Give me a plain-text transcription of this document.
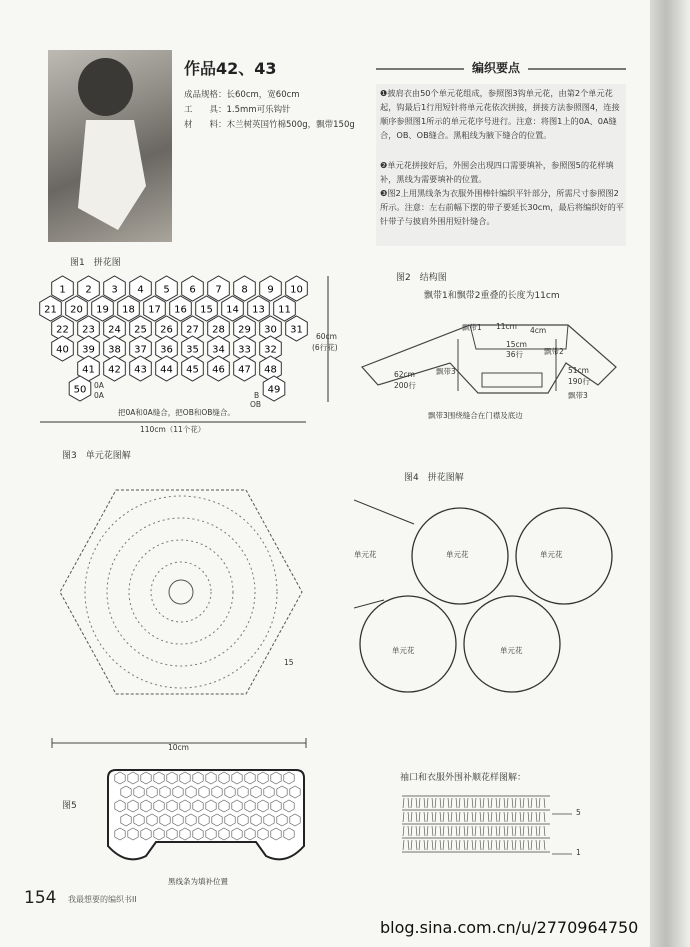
作品42、43
成品规格：长60cm，宽60cm
工　　具：1.5mm可乐钩针
材　　料：木兰树英国竹棉500g，飘带150g
编织要点
❶披肩衣由50个单元花组成，参照图3钩单元花，由第2个单元花起，钩最后1行用短针将单元花依次拼接，拼接方法参照图4，连接顺序参照图1所示的单元花序号进行。注意：将图1上的0A、0A缝合，OB、OB缝合。黑粗线为腋下缝合的位置。
❷单元花拼接好后，外围会出现四口需要填补，参照图5的花样填补，黑线为需要填补的位置。
❸图2上用黑线条为衣服外围棒针编织平针部分，所需尺寸参照图2所示。注意：左右前幅下摆的带子要延长30cm，最后将编织好的平针带子与披肩外围用短针缝合。
图1　拼花图
1 2 3 4 5 6 7 8 9 10
21 20 19 18 17 16 15 14 13 11
22 23 24 25 26 27 28 29 30 31
40 39 38 37 36 35 34 33 32
41 42 43 44 45 46 47 48
50	49
60cm
(6行花)
把0A和0A缝合，把OB和OB缝合。
110cm（11个花）
0A
0A	B
OB
图2　结构图
飘带1和飘带2重叠的长度为11cm
飘带1 11cm 4cm
15cm
36行	飘带2
飘带3
62cm
200行
51cm
190行
飘带3
飘带3围绕缝合在门襟及底边
图3　单元花图解
15
10cm
图4　拼花图解
单元花	单元花	单元花
单元花	单元花
图5
黑线条为填补位置
袖口和衣服外围补顺花样图解：
5
1
154 我最想要的编织书II
blog.sina.com.cn/u/2770964750
